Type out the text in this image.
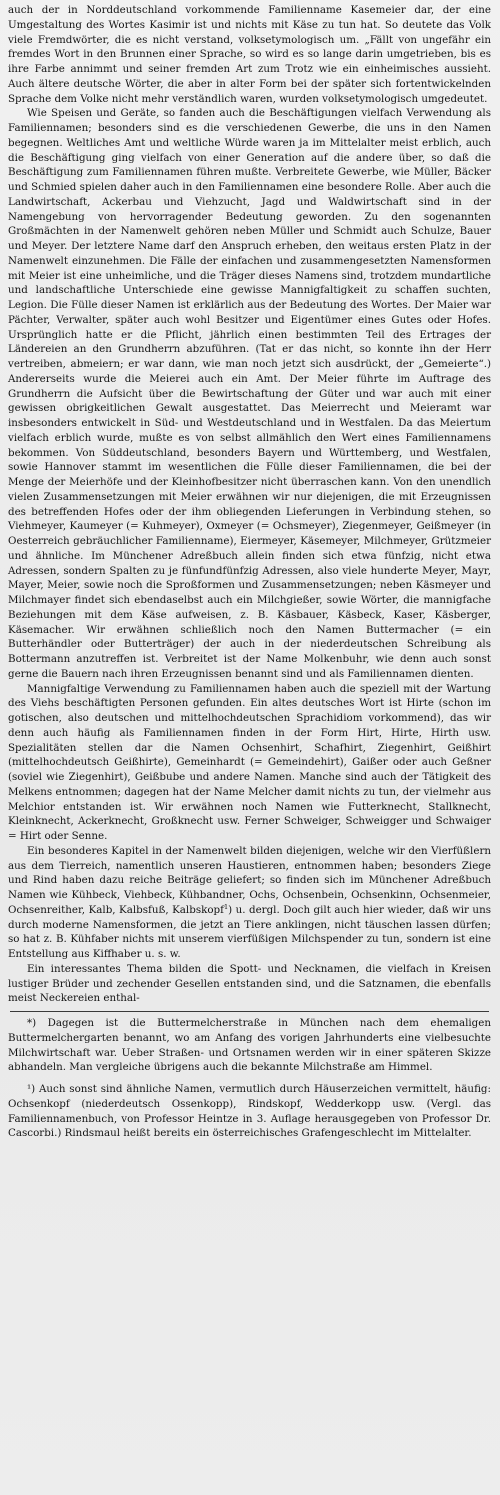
auch der in Norddeutschland vorkommende Familienname Kasemeier dar, der eine Umgestaltung des Wortes Kasimir ist und nichts mit Käse zu tun hat. So deutete das Volk viele Fremdwörter, die es nicht verstand, volksetymologisch um. „Fällt von ungefähr ein fremdes Wort in den Brunnen einer Sprache, so wird es so lange darin umgetrieben, bis es ihre Farbe annimmt und seiner fremden Art zum Trotz wie ein einheimisches aussieht. Auch ältere deutsche Wörter, die aber in alter Form bei der später sich fortentwickelnden Sprache dem Volke nicht mehr verständlich waren, wurden volksetymologisch umgedeutet.

Wie Speisen und Geräte, so fanden auch die Beschäftigungen vielfach Verwendung als Familiennamen; besonders sind es die verschiedenen Gewerbe, die uns in den Namen begegnen. Weltliches Amt und weltliche Würde waren ja im Mittelalter meist erblich, auch die Beschäftigung ging vielfach von einer Generation auf die andere über, so daß die Beschäftigung zum Familiennamen führen mußte. Verbreitete Gewerbe, wie Müller, Bäcker und Schmied spielen daher auch in den Familiennamen eine besondere Rolle. Aber auch die Landwirtschaft, Ackerbau und Viehzucht, Jagd und Waldwirtschaft sind in der Namengebung von hervorragender Bedeutung geworden. Zu den sogenannten Großmächten in der Namenwelt gehören neben Müller und Schmidt auch Schulze, Bauer und Meyer. Der letztere Name darf den Anspruch erheben, den weitaus ersten Platz in der Namenwelt einzunehmen. Die Fälle der einfachen und zusammengesetzten Namensformen mit Meier ist eine unheimliche, und die Träger dieses Namens sind, trotzdem mundartliche und landschaftliche Unterschiede eine gewisse Mannigfaltigkeit zu schaffen suchten, Legion. Die Fülle dieser Namen ist erklärlich aus der Bedeutung des Wortes. Der Maier war Pächter, Verwalter, später auch wohl Besitzer und Eigentümer eines Gutes oder Hofes. Ursprünglich hatte er die Pflicht, jährlich einen bestimmten Teil des Ertrages der Ländereien an den Grundherrn abzuführen. (Tat er das nicht, so konnte ihn der Herr vertreiben, abmeiern; er war dann, wie man noch jetzt sich ausdrückt, der „Gemeierte“.) Andererseits wurde die Meierei auch ein Amt. Der Meier führte im Auftrage des Grundherrn die Aufsicht über die Bewirtschaftung der Güter und war auch mit einer gewissen obrigkeitlichen Gewalt ausgestattet. Das Meierrecht und Meieramt war insbesonders entwickelt in Süd- und Westdeutschland und in Westfalen. Da das Meiertum vielfach erblich wurde, mußte es von selbst allmählich den Wert eines Familiennamens bekommen. Von Süddeutschland, besonders Bayern und Württemberg, und Westfalen, sowie Hannover stammt im wesentlichen die Fülle dieser Familiennamen, die bei der Menge der Meierhöfe und der Kleinhofbesitzer nicht überraschen kann. Von den unendlich vielen Zusammensetzungen mit Meier erwähnen wir nur diejenigen, die mit Erzeugnissen des betreffenden Hofes oder der ihm obliegenden Lieferungen in Verbindung stehen, so Viehmeyer, Kaumeyer (= Kuhmeyer), Oxmeyer (= Ochsmeyer), Ziegenmeyer, Geißmeyer (in Oesterreich gebräuchlicher Familienname), Eiermeyer, Käsemeyer, Milchmeyer, Grützmeier und ähnliche. Im Münchener Adreßbuch allein finden sich etwa fünfzig, nicht etwa Adressen, sondern Spalten zu je fünfundfünfzig Adressen, also viele hunderte Meyer, Mayr, Mayer, Meier, sowie noch die Sproßformen und Zusammensetzungen; neben Käsmeyer und Milchmayer findet sich ebendaselbst auch ein Milchgießer, sowie Wörter, die mannigfache Beziehungen mit dem Käse aufweisen, z. B. Käsbauer, Käsbeck, Kaser, Käsberger, Käsemacher. Wir erwähnen schließlich noch den Namen Buttermacher (= ein Butterhändler oder Butterträger) der auch in der niederdeutschen Schreibung als Bottermann anzutreffen ist. Verbreitet ist der Name Molkenbuhr, wie denn auch sonst gerne die Bauern nach ihren Erzeugnissen benannt sind und als Familiennamen dienten.

Mannigfaltige Verwendung zu Familiennamen haben auch die speziell mit der Wartung des Viehs beschäftigten Personen gefunden. Ein altes deutsches Wort ist Hirte (schon im gotischen, also deutschen und mittelhochdeutschen Sprachidiom vorkommend), das wir denn auch häufig als Familiennamen finden in der Form Hirt, Hirte, Hirth usw. Spezialitäten stellen dar die Namen Ochsenhirt, Schafhirt, Ziegenhirt, Geißhirt (mittelhochdeutsch Geißhirte), Gemeinhardt (= Gemeindehirt), Gaißer oder auch Geßner (soviel wie Ziegenhirt), Geißbube und andere Namen. Manche sind auch der Tätigkeit des Melkens entnommen; dagegen hat der Name Melcher damit nichts zu tun, der vielmehr aus Melchior entstanden ist. Wir erwähnen noch Namen wie Futterknecht, Stallknecht, Kleinknecht, Ackerknecht, Großknecht usw. Ferner Schweiger, Schweigger und Schwaiger = Hirt oder Senne.

Ein besonderes Kapitel in der Namenwelt bilden diejenigen, welche wir den Vierfüßlern aus dem Tierreich, namentlich unseren Haustieren, entnommen haben; besonders Ziege und Rind haben dazu reiche Beiträge geliefert; so finden sich im Münchener Adreßbuch Namen wie Kühbeck, Viehbeck, Kühbandner, Ochs, Ochsenbein, Ochsenkinn, Ochsenmeier, Ochsenreither, Kalb, Kalbsfuß, Kalbskopf$^1$) u. dergl. Doch gilt auch hier wieder, daß wir uns durch moderne Namensformen, die jetzt an Tiere anklingen, nicht täuschen lassen dürfen; so hat z. B. Kühfaber nichts mit unserem vierfüßigen Milchspender zu tun, sondern ist eine Entstellung aus Kiffhaber u. s. w.

Ein interessantes Thema bilden die Spott- und Necknamen, die vielfach in Kreisen lustiger Brüder und zechender Gesellen entstanden sind, und die Satznamen, die ebenfalls meist Neckereien enthal-

*) Dagegen ist die Buttermelcherstraße in München nach dem ehemaligen Buttermelchergarten benannt, wo am Anfang des vorigen Jahrhunderts eine vielbesuchte Milchwirtschaft war. Ueber Straßen- und Ortsnamen werden wir in einer späteren Skizze abhandeln. Man vergleiche übrigens auch die bekannte Milchstraße am Himmel.

¹) Auch sonst sind ähnliche Namen, vermutlich durch Häuserzeichen vermittelt, häufig: Ochsenkopf (niederdeutsch Ossenkopp), Rindskopf, Wedderkopp usw. (Vergl. das Familiennamenbuch, von Professor Heintze in 3. Auflage herausgegeben von Professor Dr. Cascorbi.) Rindsmaul heißt bereits ein österreichisches Grafengeschlecht im Mittelalter.
